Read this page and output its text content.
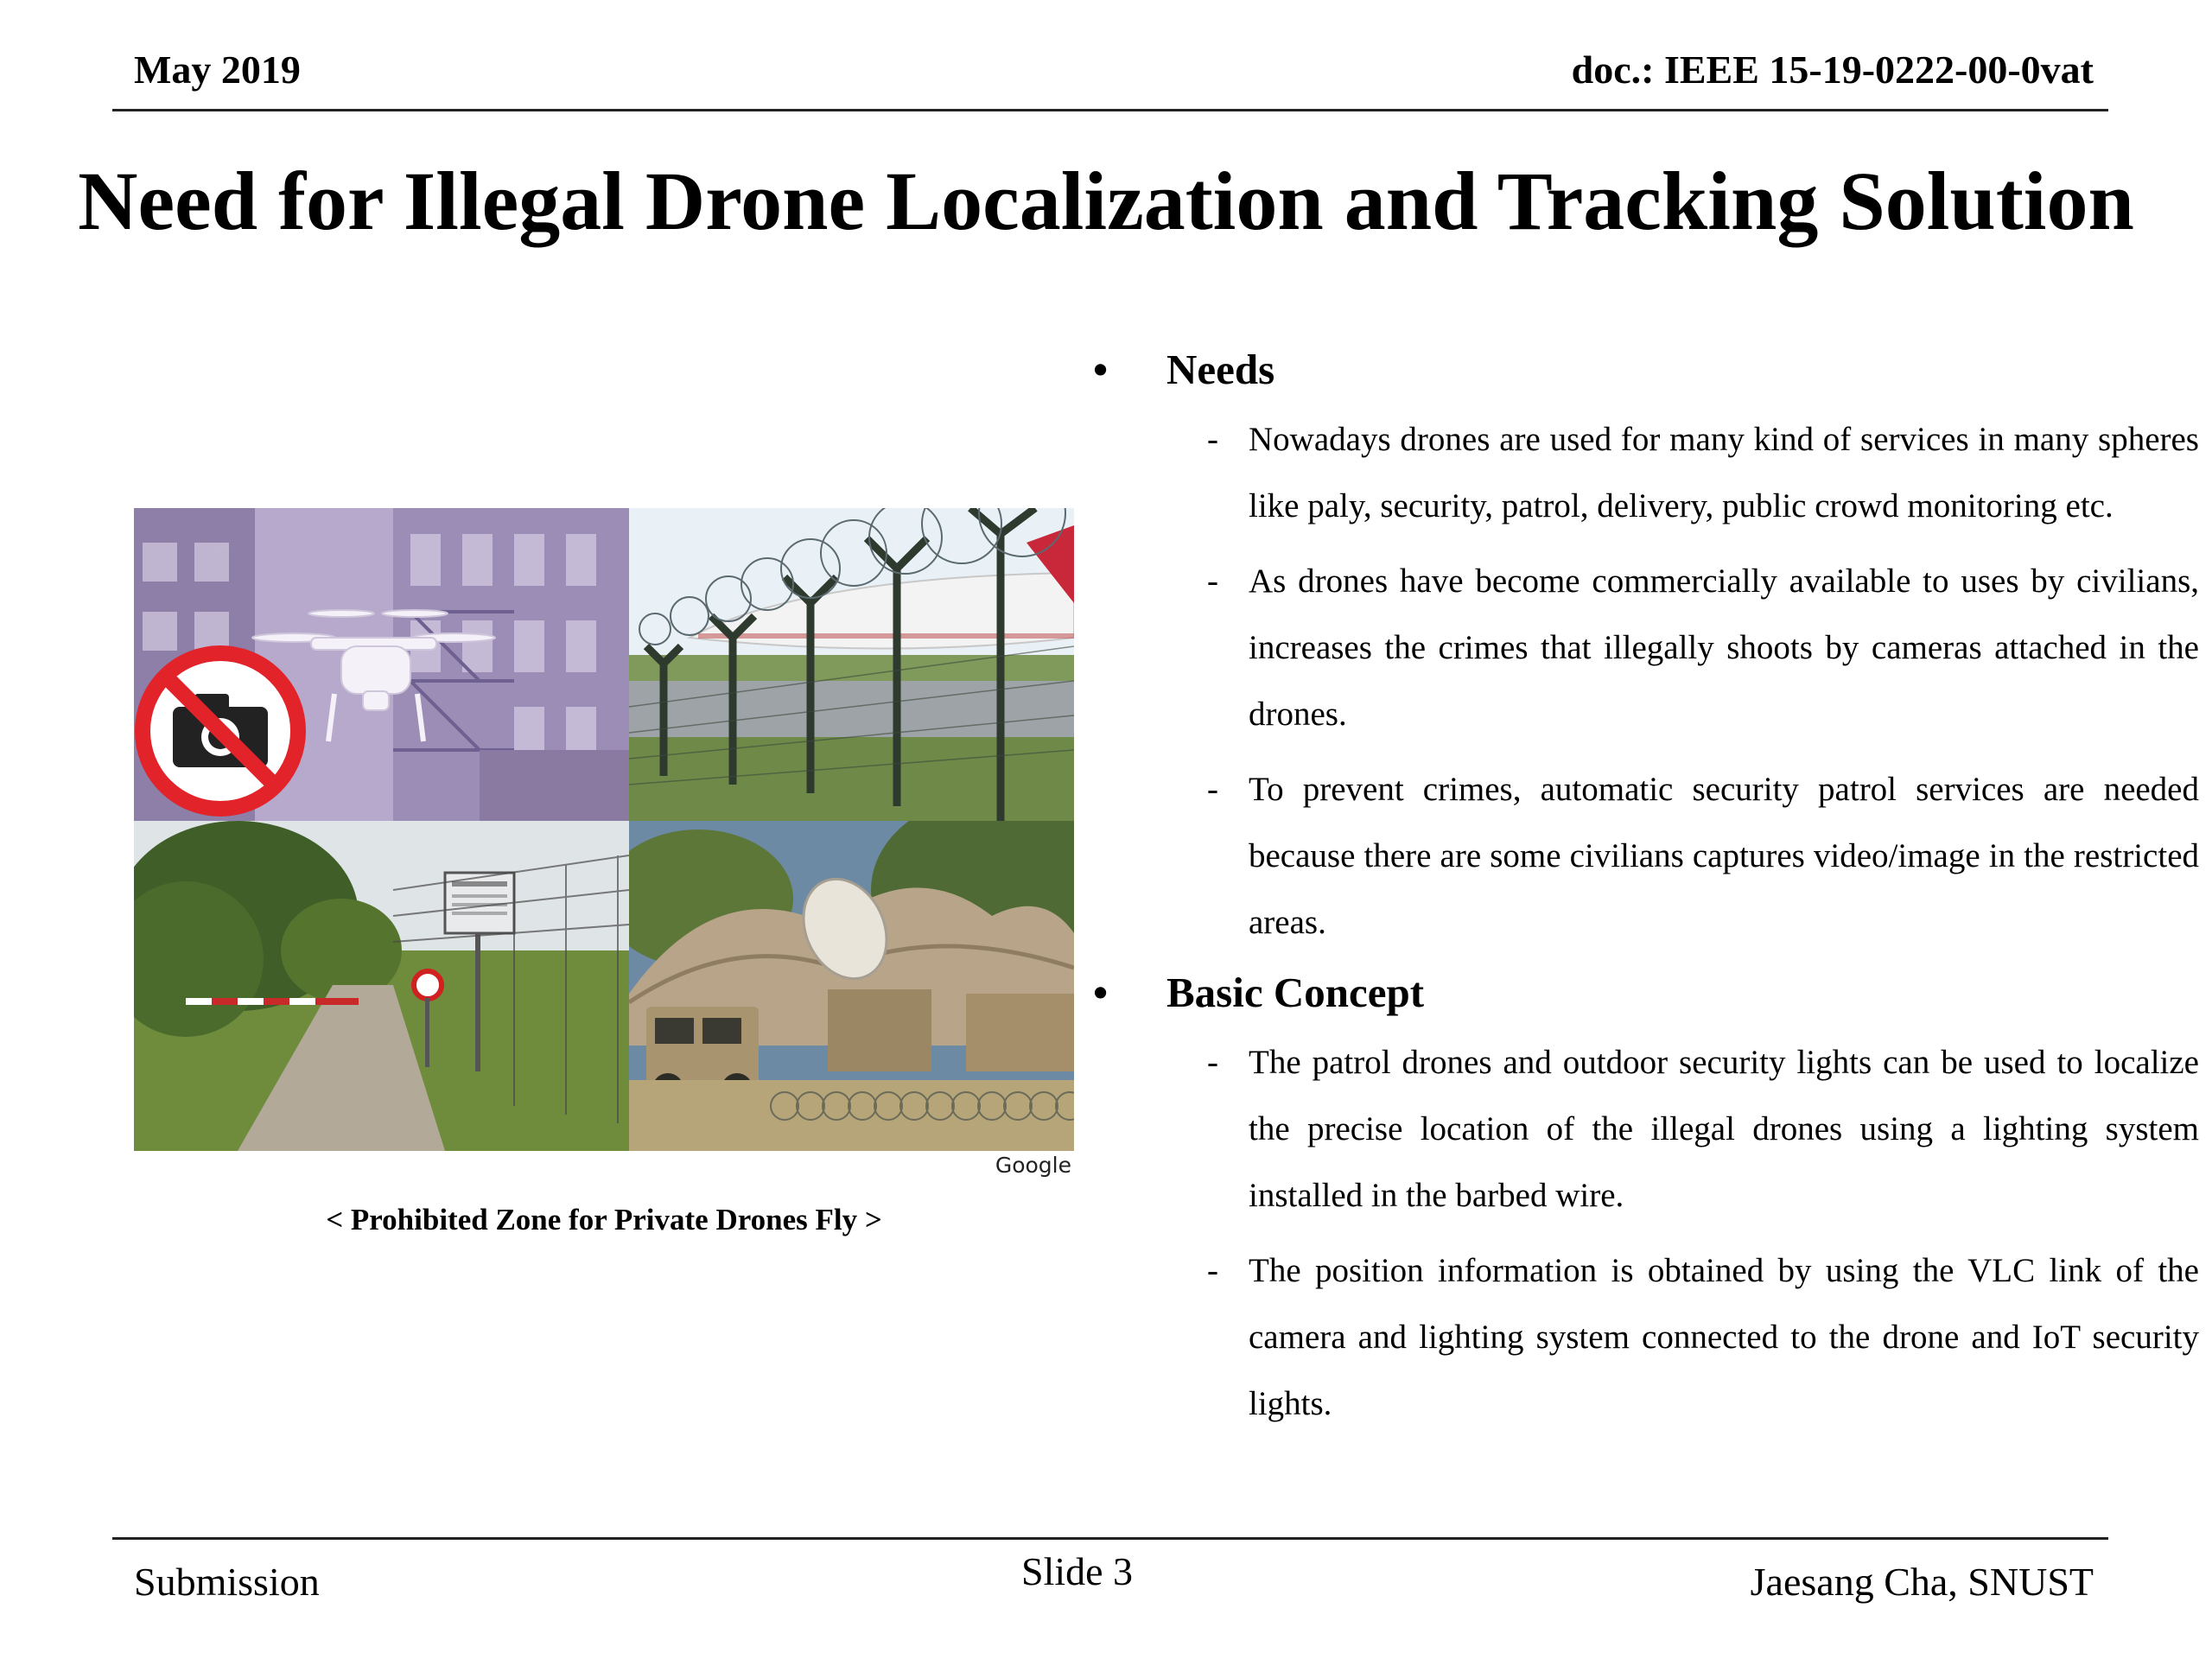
May 2019	doc.: IEEE 15-19-0222-00-0vat
Need for Illegal Drone Localization and Tracking Solution
Google
< Prohibited Zone for Private Drones Fly >
• Needs
- Nowadays drones are used for many kind of services in many spheres like paly, security, patrol, delivery, public crowd monitoring etc.
- As drones have become commercially available to uses by civilians, increases the crimes that illegally shoots by cameras attached in the drones.
- To prevent crimes, automatic security patrol services are needed because there are some civilians captures video/image in the restricted areas.
• Basic Concept
- The patrol drones and outdoor security lights can be used to localize the precise location of the illegal drones using a lighting system installed in the barbed wire.
- The position information is obtained by using the VLC link of the camera and lighting system connected to the drone and IoT security lights.
Submission	Slide 3	Jaesang Cha, SNUST
